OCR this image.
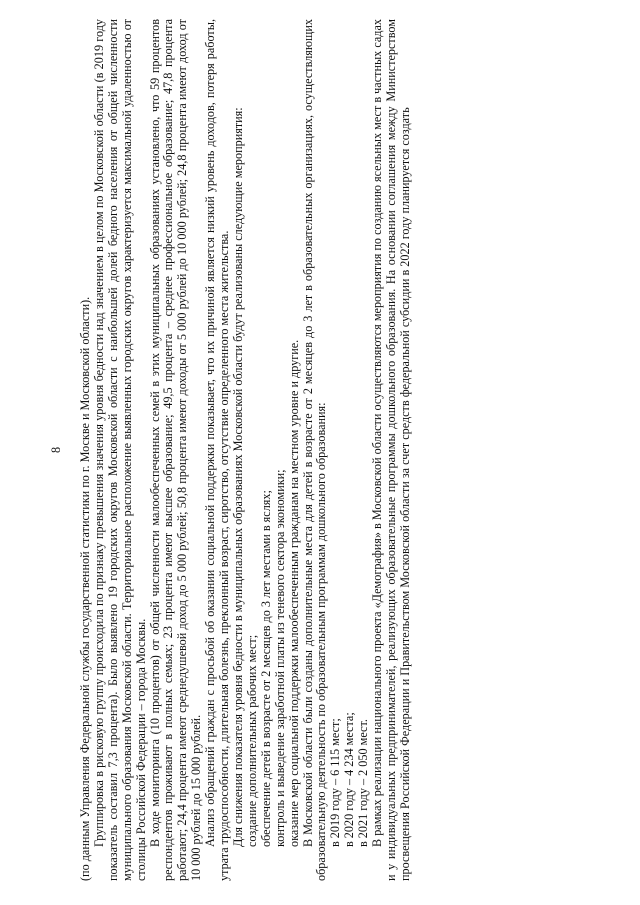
8 (по данным Управления Федеральной службы государственной статистики по г. Москве и Московской области). Группировка в рисковую группу происходила по признаку превышения значения уровня бедности над значением в целом по Московской области (в 2019 году показатель составил 7,3 процента). Было выявлено 19 городских округов Московской области с наибольшей долей бедного населения от общей численности муниципального образования Московской области. Территориальное расположение выявленных городских округов характеризуется максимальной удаленностью от столицы Российской Федерации – города Москвы. В ходе мониторинга (10 процентов) от общей численности малообеспеченных семей в этих муниципальных образованиях установлено, что 59 процентов респондентов проживают в полных семьях; 23 процента имеют высшее образование; 49,5 процента – среднее профессиональное образование; 47,8 процента работают; 24,4 процента имеют среднедушевой доход до 5 000 рублей; 50,8 процента имеют доходы от 5 000 рублей до 10 000 рублей; 24,8 процента имеют доход от 10 000 рублей до 15 000 рублей. Анализ обращений граждан с просьбой об оказании социальной поддержки показывает, что их причиной является низкий уровень доходов, потеря работы, утрата трудоспособности, длительная болезнь, преклонный возраст, сиротство, отсутствие определенного места жительства. Для снижения показателя уровня бедности в муниципальных образованиях Московской области будут реализованы следующие мероприятия: создание дополнительных рабочих мест; обеспечение детей в возрасте от 2 месяцев до 3 лет местами в яслях; контроль и выведение заработной платы из теневого сектора экономики; оказание мер социальной поддержки малообеспеченным гражданам на местном уровне и другие. В Московской области были созданы дополнительные места для детей в возрасте от 2 месяцев до 3 лет в образовательных организациях, осуществляющих образовательную деятельность по образовательным программам дошкольного образования: в 2019 году – 6 115 мест; в 2020 году – 4 234 места; в 2021 году – 2 050 мест. В рамках реализации национального проекта «Демография» в Московской области осуществляются мероприятия по созданию ясельных мест в частных садах и у индивидуальных предпринимателей, реализующих образовательные программы дошкольного образования. На основании соглашения между Министерством просвещения Российской Федерации и Правительством Московской области за счет средств федеральной субсидии в 2022 году планируется создать
